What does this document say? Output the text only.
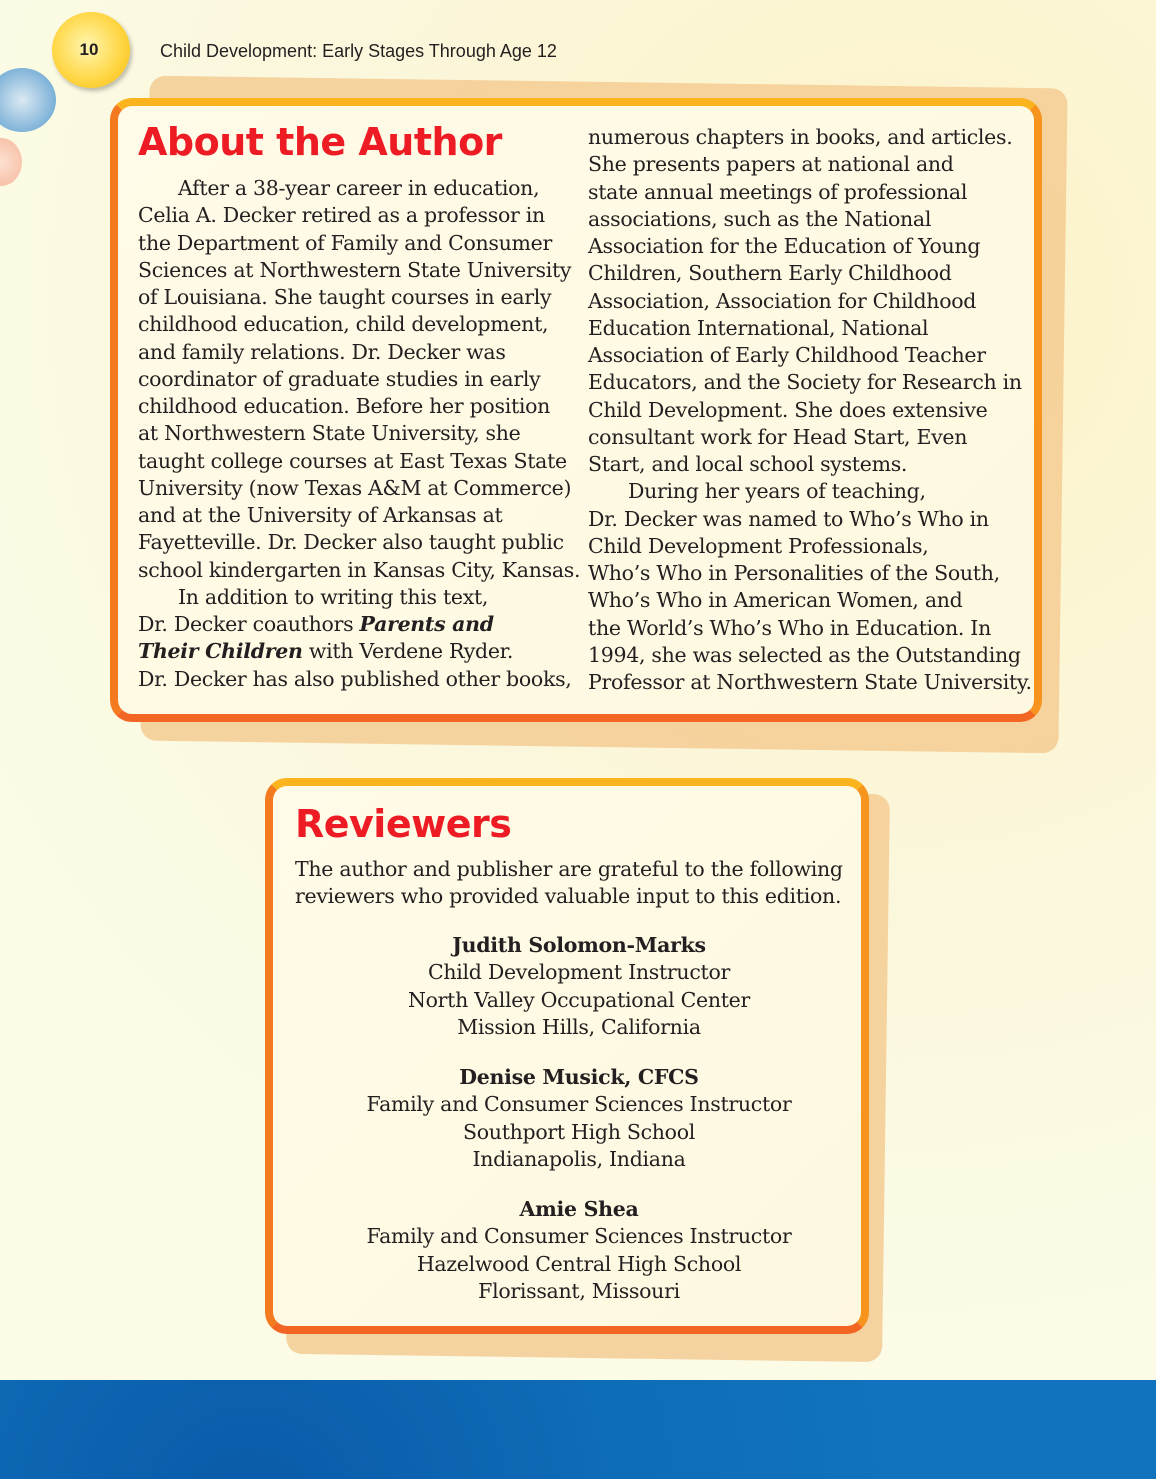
10	Child Development: Early Stages Through Age 12
About the Author
After a 38-year career in education,
Celia A. Decker retired as a professor in
the Department of Family and Consumer
Sciences at Northwestern State University
of Louisiana. She taught courses in early
childhood education, child development,
and family relations. Dr. Decker was
coordinator of graduate studies in early
childhood education. Before her position
at Northwestern State University, she
taught college courses at East Texas State
University (now Texas A&M at Commerce)
and at the University of Arkansas at
Fayetteville. Dr. Decker also taught public
school kindergarten in Kansas City, Kansas.
In addition to writing this text,
Dr. Decker coauthors Parents and
Their Children with Verdene Ryder.
Dr. Decker has also published other books,
numerous chapters in books, and articles.
She presents papers at national and
state annual meetings of professional
associations, such as the National
Association for the Education of Young
Children, Southern Early Childhood
Association, Association for Childhood
Education International, National
Association of Early Childhood Teacher
Educators, and the Society for Research in
Child Development. She does extensive
consultant work for Head Start, Even
Start, and local school systems.
During her years of teaching,
Dr. Decker was named to Who’s Who in
Child Development Professionals,
Who’s Who in Personalities of the South,
Who’s Who in American Women, and
the World’s Who’s Who in Education. In
1994, she was selected as the Outstanding
Professor at Northwestern State University.
Reviewers
The author and publisher are grateful to the following
reviewers who provided valuable input to this edition.
Judith Solomon-Marks
Child Development Instructor
North Valley Occupational Center
Mission Hills, California
Denise Musick, CFCS
Family and Consumer Sciences Instructor
Southport High School
Indianapolis, Indiana
Amie Shea
Family and Consumer Sciences Instructor
Hazelwood Central High School
Florissant, Missouri
